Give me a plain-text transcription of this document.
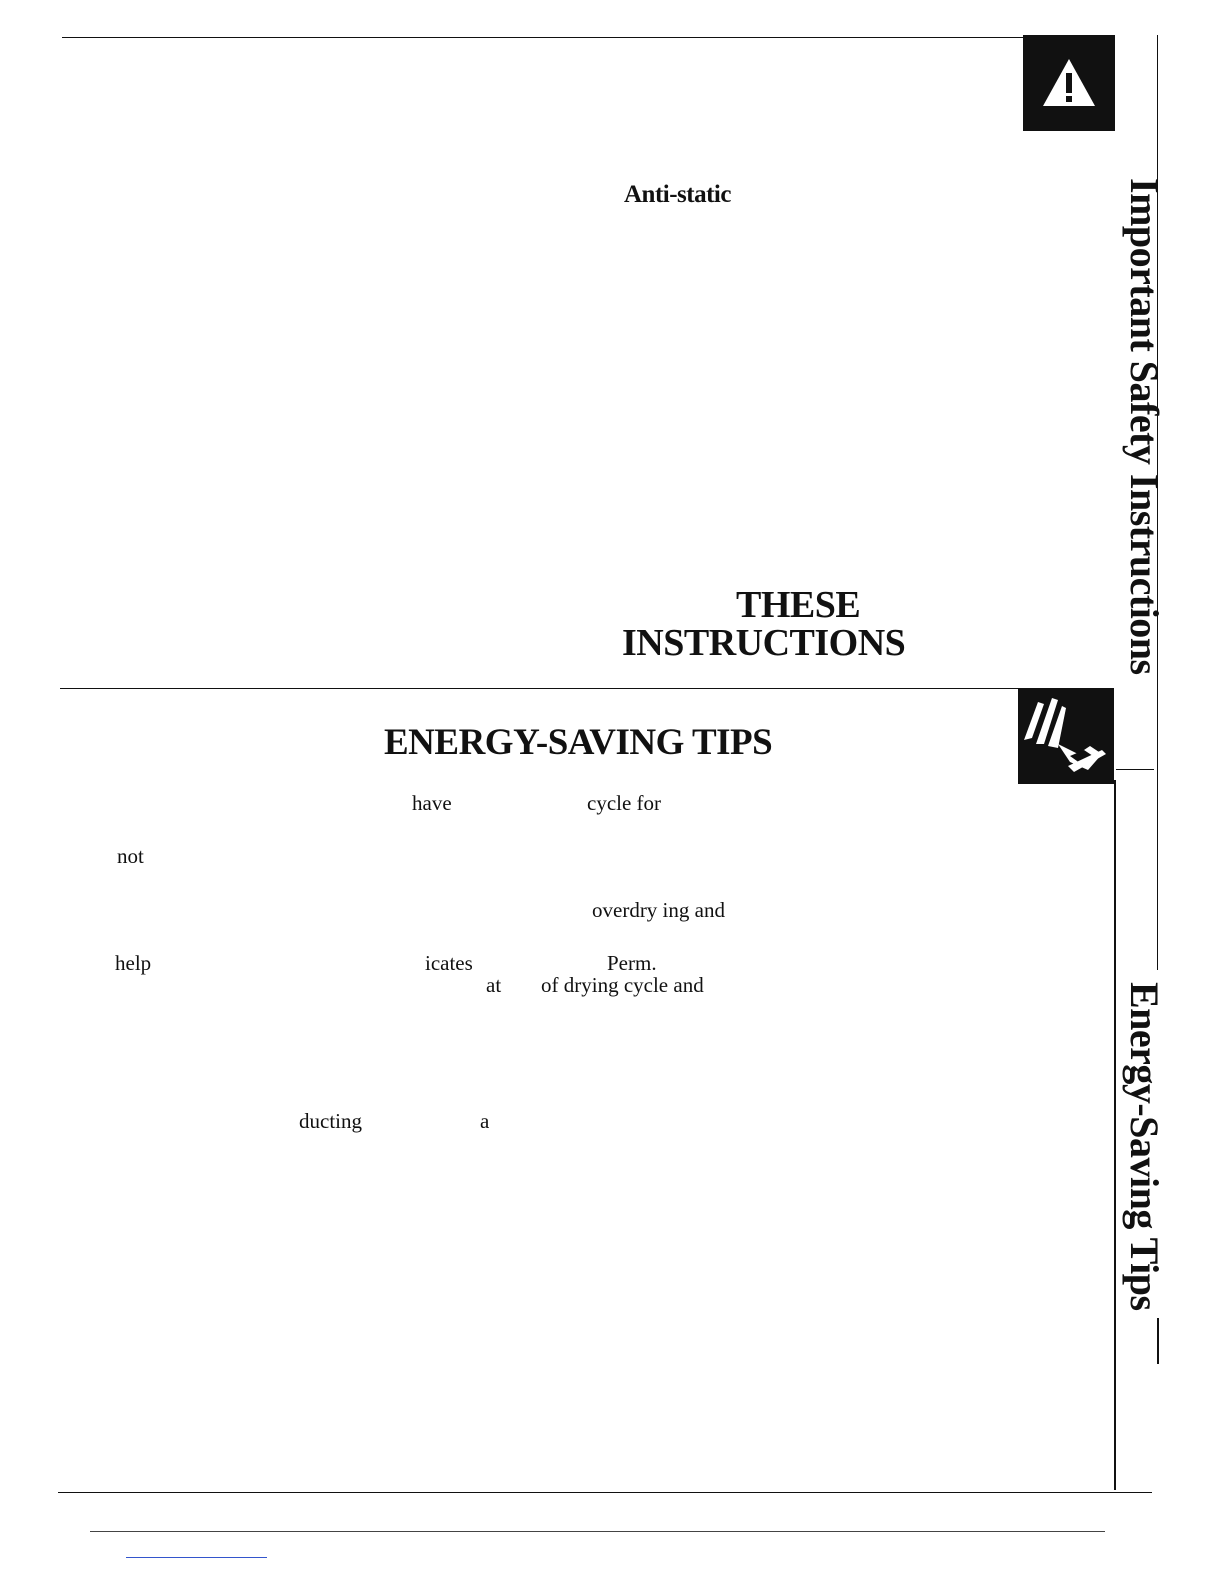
Anti-static
THESE
INSTRUCTIONS	Important Safety Instructions
ENERGY-SAVING TIPS
have	cycle for
not
overdry ing and
help	icates	Perm.
at of drying cycle and
ducting	a	Energy-Saving Tips
